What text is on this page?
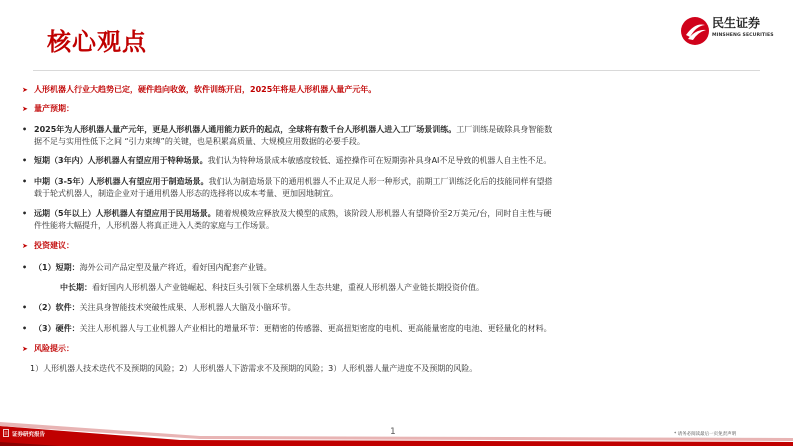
核心观点
民生证券
MINSHENG SECURITIES
➤ 人形机器人行业大趋势已定，硬件趋向收敛，软件训练开启，2025年将是人形机器人量产元年。
➤ 量产预期：
• 2025年为人形机器人量产元年，更是人形机器人通用能力跃升的起点，全球将有数千台人形机器人进入工厂场景训练。工厂训练是破除具身智能数
据不足与实用性低下之间 “引力束缚”的关键，也是积累高质量、大规模应用数据的必要手段。
• 短期（3年内）人形机器人有望应用于特种场景。我们认为特种场景成本敏感度较低、遥控操作可在短期弥补具身AI不足导致的机器人自主性不足。
• 中期（3-5年）人形机器人有望应用于制造场景。我们认为制造场景下的通用机器人不止双足人形一种形式，前期工厂训练泛化后的技能同样有望搭
载于轮式机器人，制造企业对于通用机器人形态的选择将以成本考量、更加因地制宜。
• 远期（5年以上）人形机器人有望应用于民用场景。随着规模效应释放及大模型的成熟，该阶段人形机器人有望降价至2万美元/台，同时自主性与硬
件性能将大幅提升，人形机器人将真正进入人类的家庭与工作场景。
➤ 投资建议：
• （1）短期：海外公司产品定型及量产将近，看好国内配套产业链。
中长期：看好国内人形机器人产业链崛起、科技巨头引领下全球机器人生态共建，重视人形机器人产业链长期投资价值。
• （2）软件：关注具身智能技术突破性成果、人形机器人大脑及小脑环节。
• （3）硬件：关注人形机器人与工业机器人产业相比的增量环节：更精密的传感器、更高扭矩密度的电机、更高能量密度的电池、更轻量化的材料。
➤ 风险提示：
1）人形机器人技术迭代不及预期的风险；2）人形机器人下游需求不及预期的风险；3）人形机器人量产进度不及预期的风险。
证券研究报告	1	* 请务必阅读最后一页免责声明
